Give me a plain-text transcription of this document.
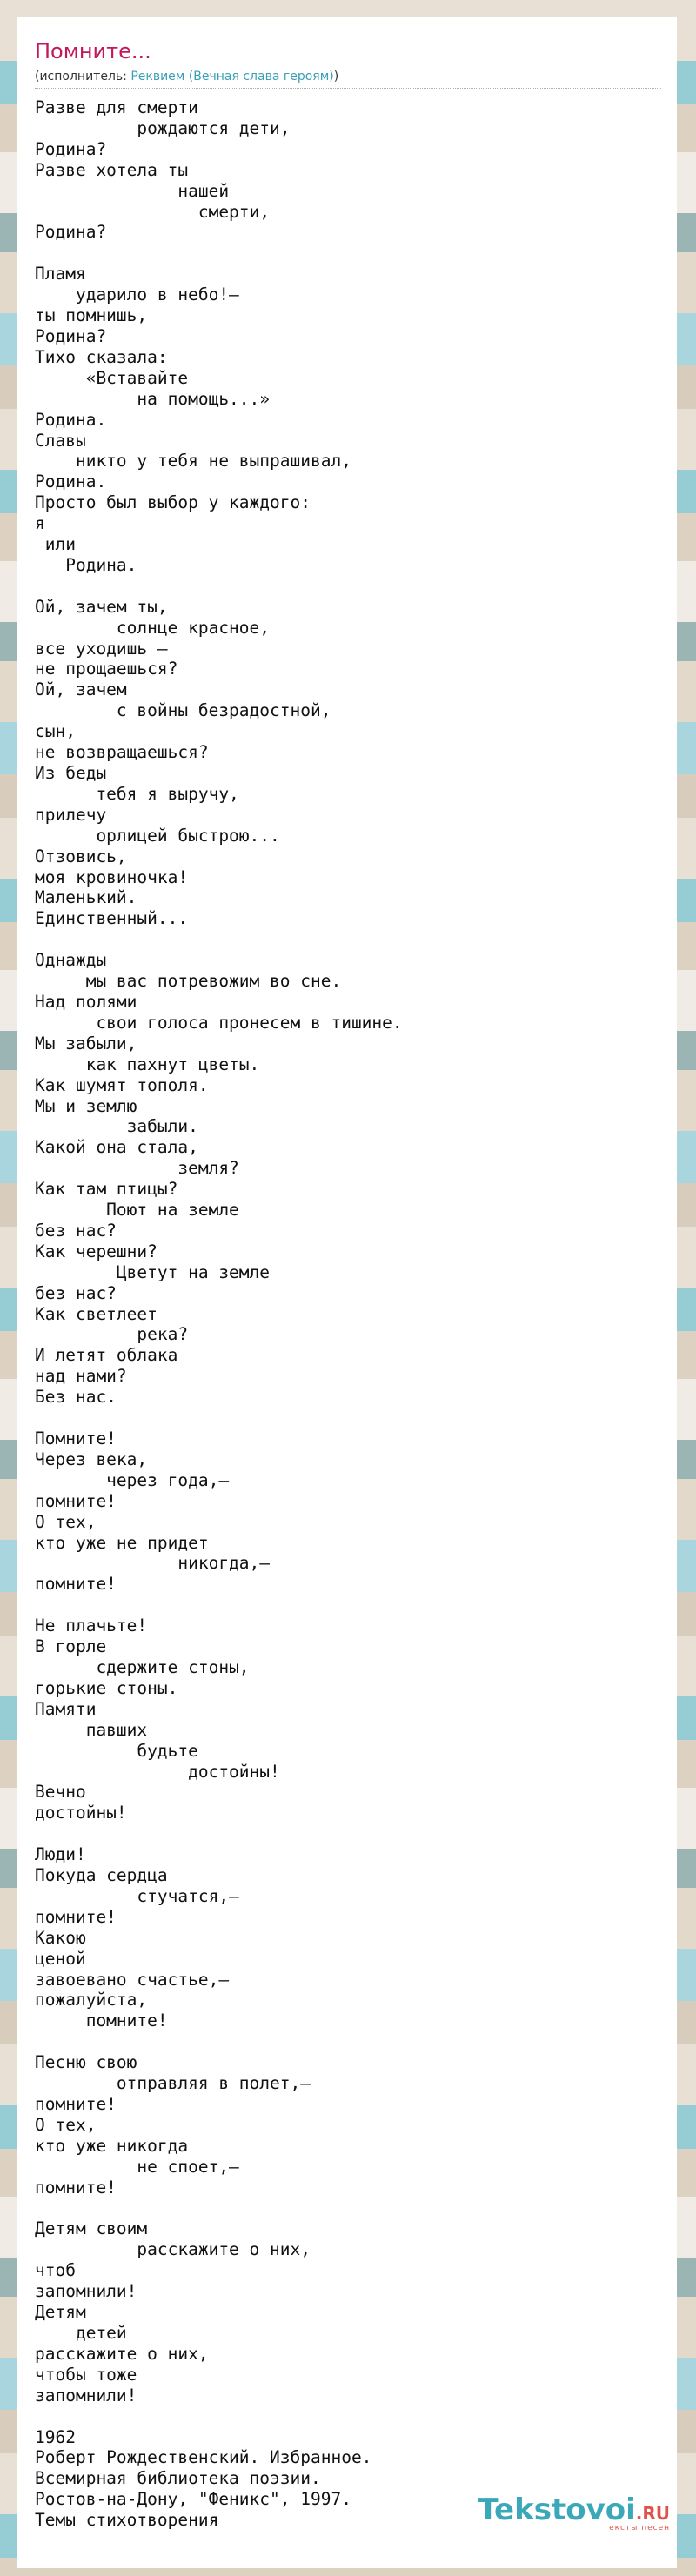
Помните...
(исполнитель: Реквием (Вечная слава героям))
Разве для смерти
рождаются дети,
Родина?
Разве хотела ты
нашей
смерти,
Родина?

Пламя
ударило в небо!—
ты помнишь,
Родина?
Тихо сказала:
«Вставайте
на помощь...»
Родина.
Славы
никто у тебя не выпрашивал,
Родина.
Просто был выбор у каждого:
я
или
Родина.

Ой, зачем ты,
солнце красное,
все уходишь —
не прощаешься?
Ой, зачем
с войны безрадостной,
сын,
не возвращаешься?
Из беды
тебя я выручу,
прилечу
орлицей быстрою...
Отзовись,
моя кровиночка!
Маленький.
Единственный...

Однажды
мы вас потревожим во сне.
Над полями
свои голоса пронесем в тишине.
Мы забыли,
как пахнут цветы.
Как шумят тополя.
Мы и землю
забыли.
Какой она стала,
земля?
Как там птицы?
Поют на земле
без нас?
Как черешни?
Цветут на земле
без нас?
Как светлеет
река?
И летят облака
над нами?
Без нас.

Помните!
Через века,
через года,—
помните!
О тех,
кто уже не придет
никогда,—
помните!

Не плачьте!
В горле
сдержите стоны,
горькие стоны.
Памяти
павших
будьте
достойны!
Вечно
достойны!

Люди!
Покуда сердца
стучатся,—
помните!
Какою
ценой
завоевано счастье,—
пожалуйста,
помните!

Песню свою
отправляя в полет,—
помните!
О тех,
кто уже никогда
не споет,—
помните!

Детям своим
расскажите о них,
чтоб
запомнили!
Детям
детей
расскажите о них,
чтобы тоже
запомнили!

1962
Роберт Рождественский. Избранное.
Всемирная библиотека поэзии.
Ростов-на-Дону, "Феникс", 1997.
Темы стихотворения	Tekstovoi.RU
тексты песен
